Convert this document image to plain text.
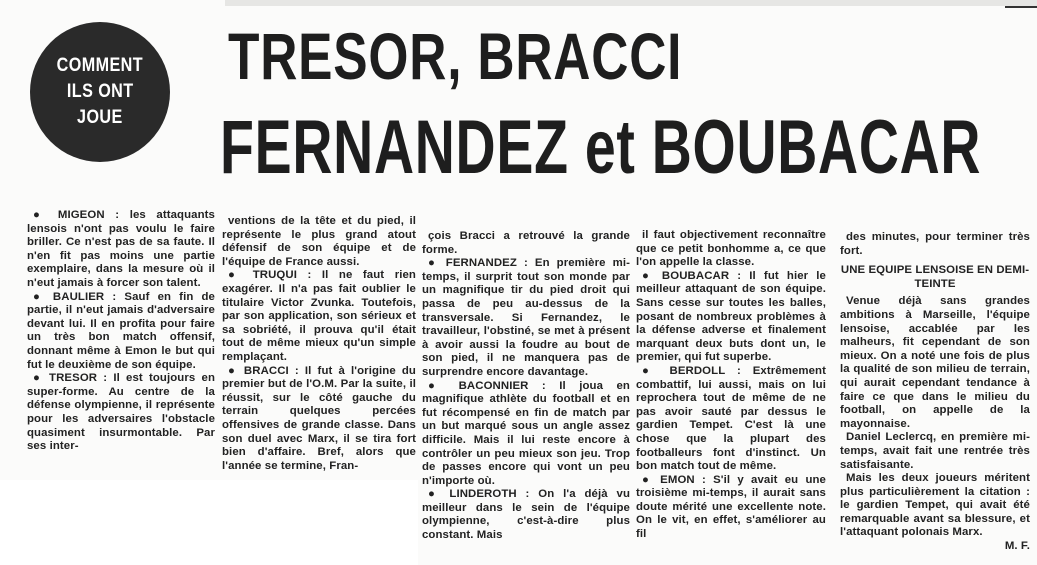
COMMENT
ILS ONT
JOUE
TRESOR, BRACCI
FERNANDEZ et BOUBACAR

● MIGEON : les attaquants lensois n'ont pas voulu le faire briller. Ce n'est pas de sa faute. Il n'en fit pas moins une partie exemplaire, dans la mesure où il n'eut jamais à forcer son talent.

● BAULIER : Sauf en fin de partie, il n'eut jamais d'adversaire devant lui. Il en profita pour faire un très bon match offensif, donnant même à Emon le but qui fut le deuxième de son équipe.

● TRESOR : Il est toujours en super-forme. Au centre de la défense olympienne, il représente pour les adversaires l'obstacle quasiment insurmontable. Par ses inter-

ventions de la tête et du pied, il représente le plus grand atout défensif de son équipe et de l'équipe de France aussi.

● TRUQUI : Il ne faut rien exagérer. Il n'a pas fait oublier le titulaire Victor Zvunka. Toutefois, par son application, son sérieux et sa sobriété, il prouva qu'il était tout de même mieux qu'un simple remplaçant.

● BRACCI : Il fut à l'origine du premier but de l'O.M. Par la suite, il réussit, sur le côté gauche du terrain quelques percées offensives de grande classe. Dans son duel avec Marx, il se tira fort bien d'affaire. Bref, alors que l'année se termine, Fran-

çois Bracci a retrouvé la grande forme.

● FERNANDEZ : En première mi-temps, il surprit tout son monde par un magnifique tir du pied droit qui passa de peu au-dessus de la transversale. Si Fernandez, le travailleur, l'obstiné, se met à présent à avoir aussi la foudre au bout de son pied, il ne manquera pas de surprendre encore davantage.

● BACONNIER : Il joua en magnifique athlète du football et en fut récompensé en fin de match par un but marqué sous un angle assez difficile. Mais il lui reste encore à contrôler un peu mieux son jeu. Trop de passes encore qui vont un peu n'importe où.

● LINDEROTH : On l'a déjà vu meilleur dans le sein de l'équipe olympienne, c'est-à-dire plus constant. Mais

il faut objectivement reconnaître que ce petit bonhomme a, ce que l'on appelle la classe.

● BOUBACAR : Il fut hier le meilleur attaquant de son équipe. Sans cesse sur toutes les balles, posant de nombreux problèmes à la défense adverse et finalement marquant deux buts dont un, le premier, qui fut superbe.

● BERDOLL : Extrêmement combattif, lui aussi, mais on lui reprochera tout de même de ne pas avoir sauté par dessus le gardien Tempet. C'est là une chose que la plupart des footballeurs font d'instinct. Un bon match tout de même.

● EMON : S'il y avait eu une troisième mi-temps, il aurait sans doute mérité une excellente note. On le vit, en effet, s'améliorer au fil

des minutes, pour terminer très fort.

UNE EQUIPE LENSOISE EN DEMI-TEINTE

Venue déjà sans grandes ambitions à Marseille, l'équipe lensoise, accablée par les malheurs, fit cependant de son mieux. On a noté une fois de plus la qualité de son milieu de terrain, qui aurait cependant tendance à faire ce que dans le milieu du football, on appelle de la mayonnaise.

Daniel Leclercq, en première mi-temps, avait fait une rentrée très satisfaisante.

Mais les deux joueurs méritent plus particulièrement la citation : le gardien Tempet, qui avait été remarquable avant sa blessure, et l'attaquant polonais Marx.

M. F.
